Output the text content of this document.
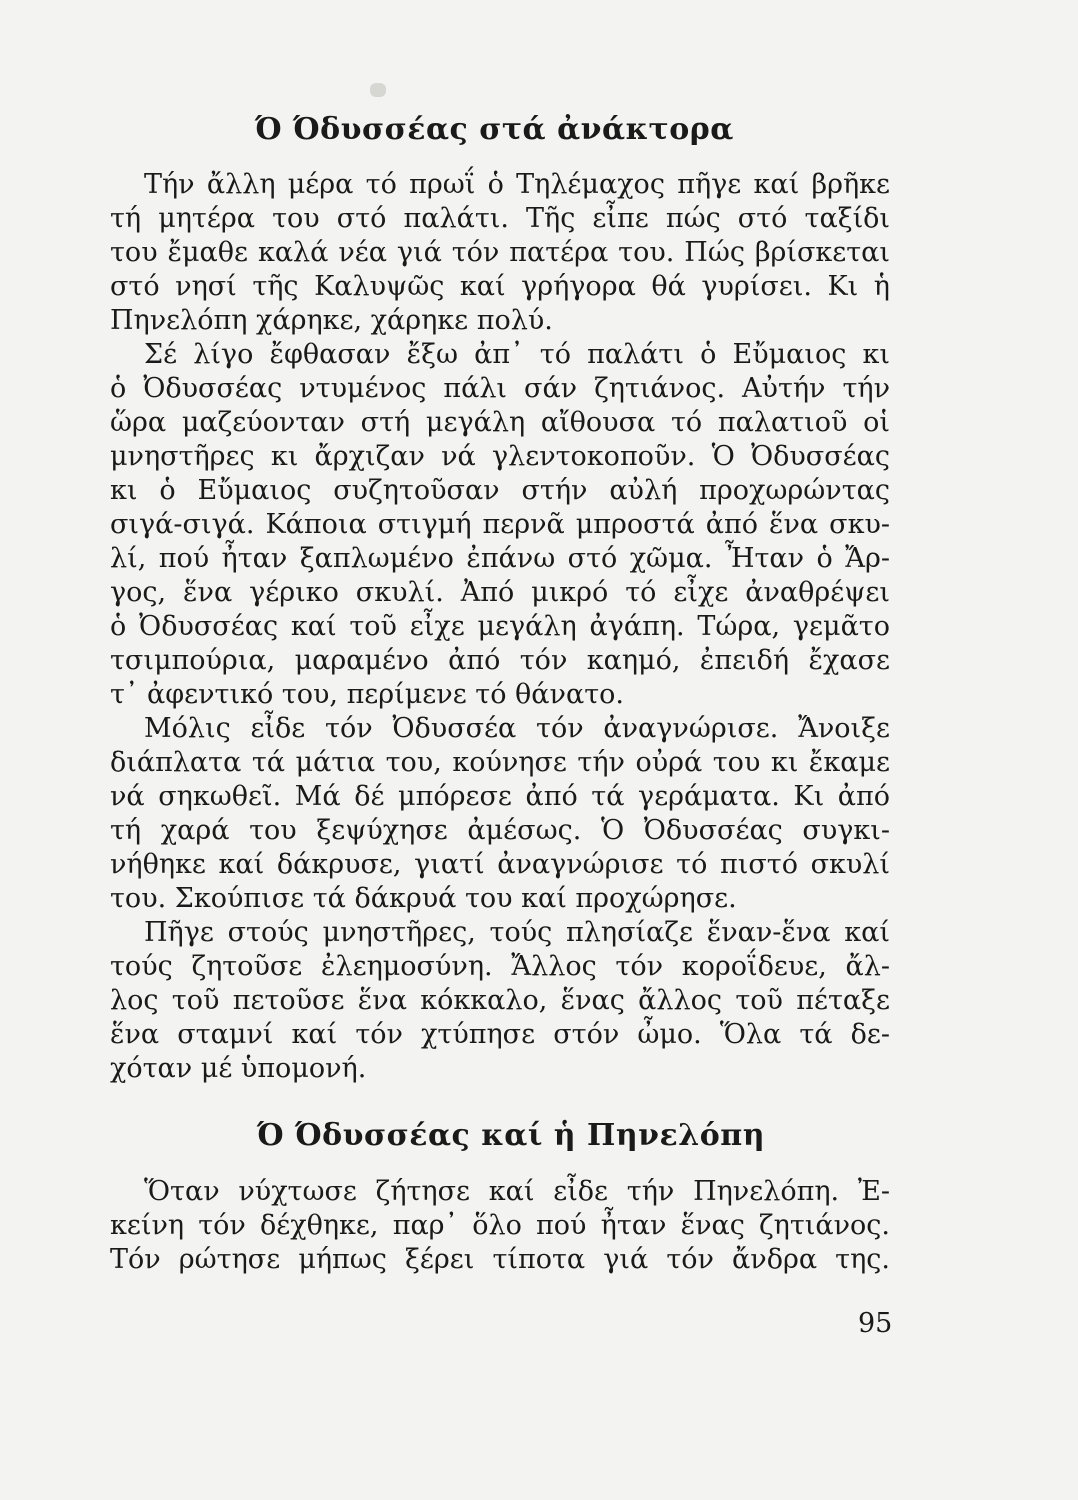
Ό Όδυσσέας στά ἀνάκτορα
Τήν ἄλλη μέρα τό πρωΐ ὁ Τηλέμαχος πῆγε καί βρῆκε
τή μητέρα του στό παλάτι. Τῆς εἶπε πώς στό ταξίδι
του ἔμαθε καλά νέα γιά τόν πατέρα του. Πώς βρίσκεται
στό νησί τῆς Καλυψῶς καί γρήγορα θά γυρίσει. Κι ἡ
Πηνελόπη χάρηκε, χάρηκε πολύ.
Σέ λίγο ἔφθασαν ἔξω ἀπ᾽ τό παλάτι ὁ Εὔμαιος κι
ὁ Ὀδυσσέας ντυμένος πάλι σάν ζητιάνος. Αὐτήν τήν
ὥρα μαζεύονταν στή μεγάλη αἴθουσα τό παλατιοῦ οἱ
μνηστῆρες κι ἄρχιζαν νά γλεντοκοποῦν. Ὁ Ὀδυσσέας
κι ὁ Εὔμαιος συζητοῦσαν στήν αὐλή προχωρώντας
σιγά-σιγά. Κάποια στιγμή περνᾶ μπροστά ἀπό ἕνα σκυ-
λί, πού ἦταν ξαπλωμένο ἐπάνω στό χῶμα. Ἦταν ὁ Ἄρ-
γος, ἕνα γέρικο σκυλί. Ἀπό μικρό τό εἶχε ἀναθρέψει
ὁ Ὀδυσσέας καί τοῦ εἶχε μεγάλη ἀγάπη. Τώρα, γεμᾶτο
τσιμπούρια, μαραμένο ἀπό τόν καημό, ἐπειδή ἔχασε
τ᾽ ἀφεντικό του, περίμενε τό θάνατο.
Μόλις εἶδε τόν Ὀδυσσέα τόν ἀναγνώρισε. Ἄνοιξε
διάπλατα τά μάτια του, κούνησε τήν οὐρά του κι ἔκαμε
νά σηκωθεῖ. Μά δέ μπόρεσε ἀπό τά γεράματα. Κι ἀπό
τή χαρά του ξεψύχησε ἀμέσως. Ὁ Ὀδυσσέας συγκι-
νήθηκε καί δάκρυσε, γιατί ἀναγνώρισε τό πιστό σκυλί
του. Σκούπισε τά δάκρυά του καί προχώρησε.
Πῆγε στούς μνηστῆρες, τούς πλησίαζε ἕναν-ἕνα καί
τούς ζητοῦσε ἐλεημοσύνη. Ἄλλος τόν κοροΐδευε, ἄλ-
λος τοῦ πετοῦσε ἕνα κόκκαλο, ἕνας ἄλλος τοῦ πέταξε
ἕνα σταμνί καί τόν χτύπησε στόν ὦμο. Ὅλα τά δε-
χόταν μέ ὑπομονή.
Ό Όδυσσέας καί ἡ Πηνελόπη
Ὅταν νύχτωσε ζήτησε καί εἶδε τήν Πηνελόπη. Ἐ-
κείνη τόν δέχθηκε, παρ᾽ ὅλο πού ἦταν ἕνας ζητιάνος.
Τόν ρώτησε μήπως ξέρει τίποτα γιά τόν ἄνδρα της.
95
